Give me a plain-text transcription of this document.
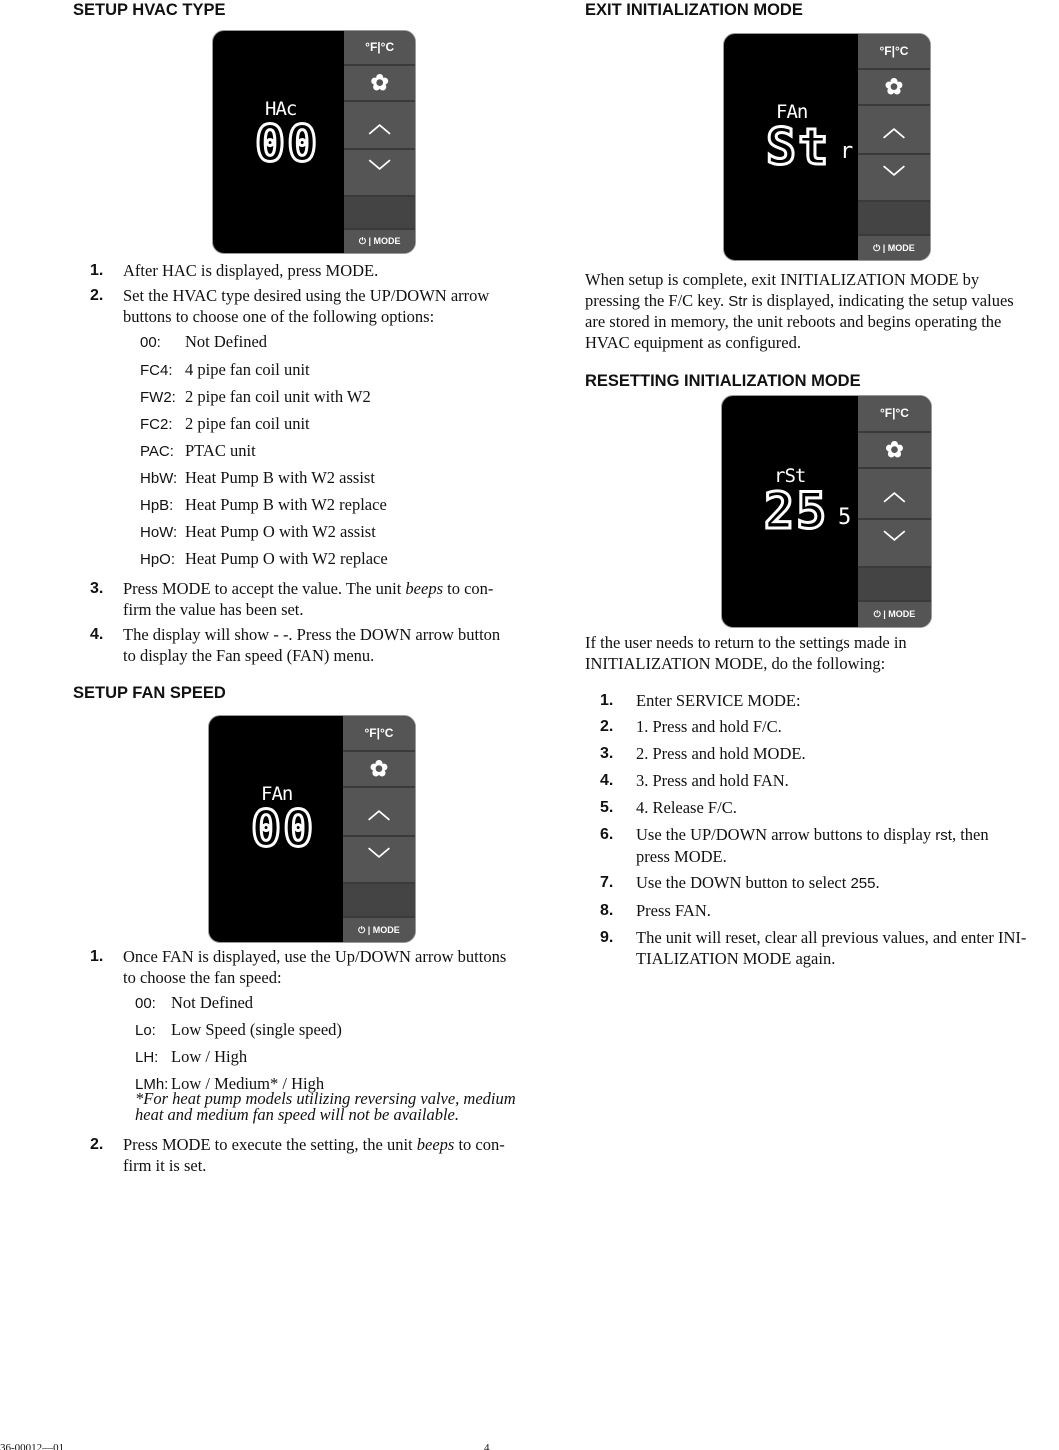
SETUP HVAC TYPE
HAc
00
°F|°C
✿
︿
﹀
⏻ | MODE
1. After HAC is displayed, press MODE.
2. Set the HVAC type desired using the UP/DOWN arrow
buttons to choose one of the following options:
00: Not Defined
FC4: 4 pipe fan coil unit
FW2: 2 pipe fan coil unit with W2
FC2: 2 pipe fan coil unit
PAC: PTAC unit
HbW: Heat Pump B with W2 assist
HpB: Heat Pump B with W2 replace
HoW: Heat Pump O with W2 assist
HpO: Heat Pump O with W2 replace
3. Press MODE to accept the value. The unit beeps to con-
firm the value has been set.
4. The display will show - -. Press the DOWN arrow button
to display the Fan speed (FAN) menu.
SETUP FAN SPEED
FAn
00
°F|°C
✿
︿
﹀
⏻ | MODE
1. Once FAN is displayed, use the Up/DOWN arrow buttons
to choose the fan speed:
00: Not Defined
Lo: Low Speed (single speed)
LH: Low / High
LMh: Low / Medium* / High
*For heat pump models utilizing reversing valve, medium
heat and medium fan speed will not be available.
2. Press MODE to execute the setting, the unit beeps to con-
firm it is set.
EXIT INITIALIZATION MODE
FAn
St r
°F|°C
✿
︿
﹀
⏻ | MODE
When setup is complete, exit INITIALIZATION MODE by
pressing the F/C key. Str is displayed, indicating the setup values
are stored in memory, the unit reboots and begins operating the
HVAC equipment as configured.
RESETTING INITIALIZATION MODE
rSt
25 5
°F|°C
✿
︿
﹀
⏻ | MODE
If the user needs to return to the settings made in
INITIALIZATION MODE, do the following:
1. Enter SERVICE MODE:
2. 1. Press and hold F/C.
3. 2. Press and hold MODE.
4. 3. Press and hold FAN.
5. 4. Release F/C.
6. Use the UP/DOWN arrow buttons to display rst, then
press MODE.
7. Use the DOWN button to select 255.
8. Press FAN.
9. The unit will reset, clear all previous values, and enter INI-
TIALIZATION MODE again.
36-00012—01	4
